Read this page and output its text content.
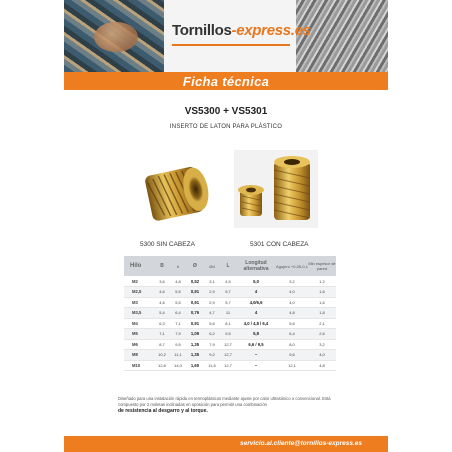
Tornillos-express.es
Ficha técnica
VS5300 + VS5301
INSERTO DE LATON PARA PLÁSTICO
5300 SIN CABEZA	5301 CON CABEZA
Hilo	B	b	Ø	Ød	L	Longitud alternativa	Agujero +0,05-0,1	Min espesor de pared
M2	3,6	4,8	0,52	3,1	4,5	5,0	3,2	1,2
M2,5	4,6	5,5	0,91	2,9	5,7	4	4,0	1,6
M3	4,6	5,5	0,91	2,9	5,7	4,0/6,6	4,0	1,6
M3,5	5,4	6,4	0,76	4,7	11	4	4,8	1,8
M4	6,3	7,1	0,91	5,6	8,1	4,0 / 4,8 / 6,4	5,6	2,1
M5	7,1	7,9	1,09	6,2	9,5	5,8	6,4	2,6
M6	8,7	9,5	1,35	7,9	12,7	6,6 / 9,5	8,0	3,2
M8	10,2	11,1	1,35	9,2	12,7	–	9,6	4,0
M10	12,6	14,0	1,60	11,6	12,7	–	12,1	4,8
Diseñado para una instalación rápida en termoplásticos mediante ajuste por calor ultrasónico o convencional. Está compuesto por 2 moletas inclinadas en oposición para permitir una combinación
de resistencia al desgarro y al torque.
servicio.al.cliente@tornillos-express.es
